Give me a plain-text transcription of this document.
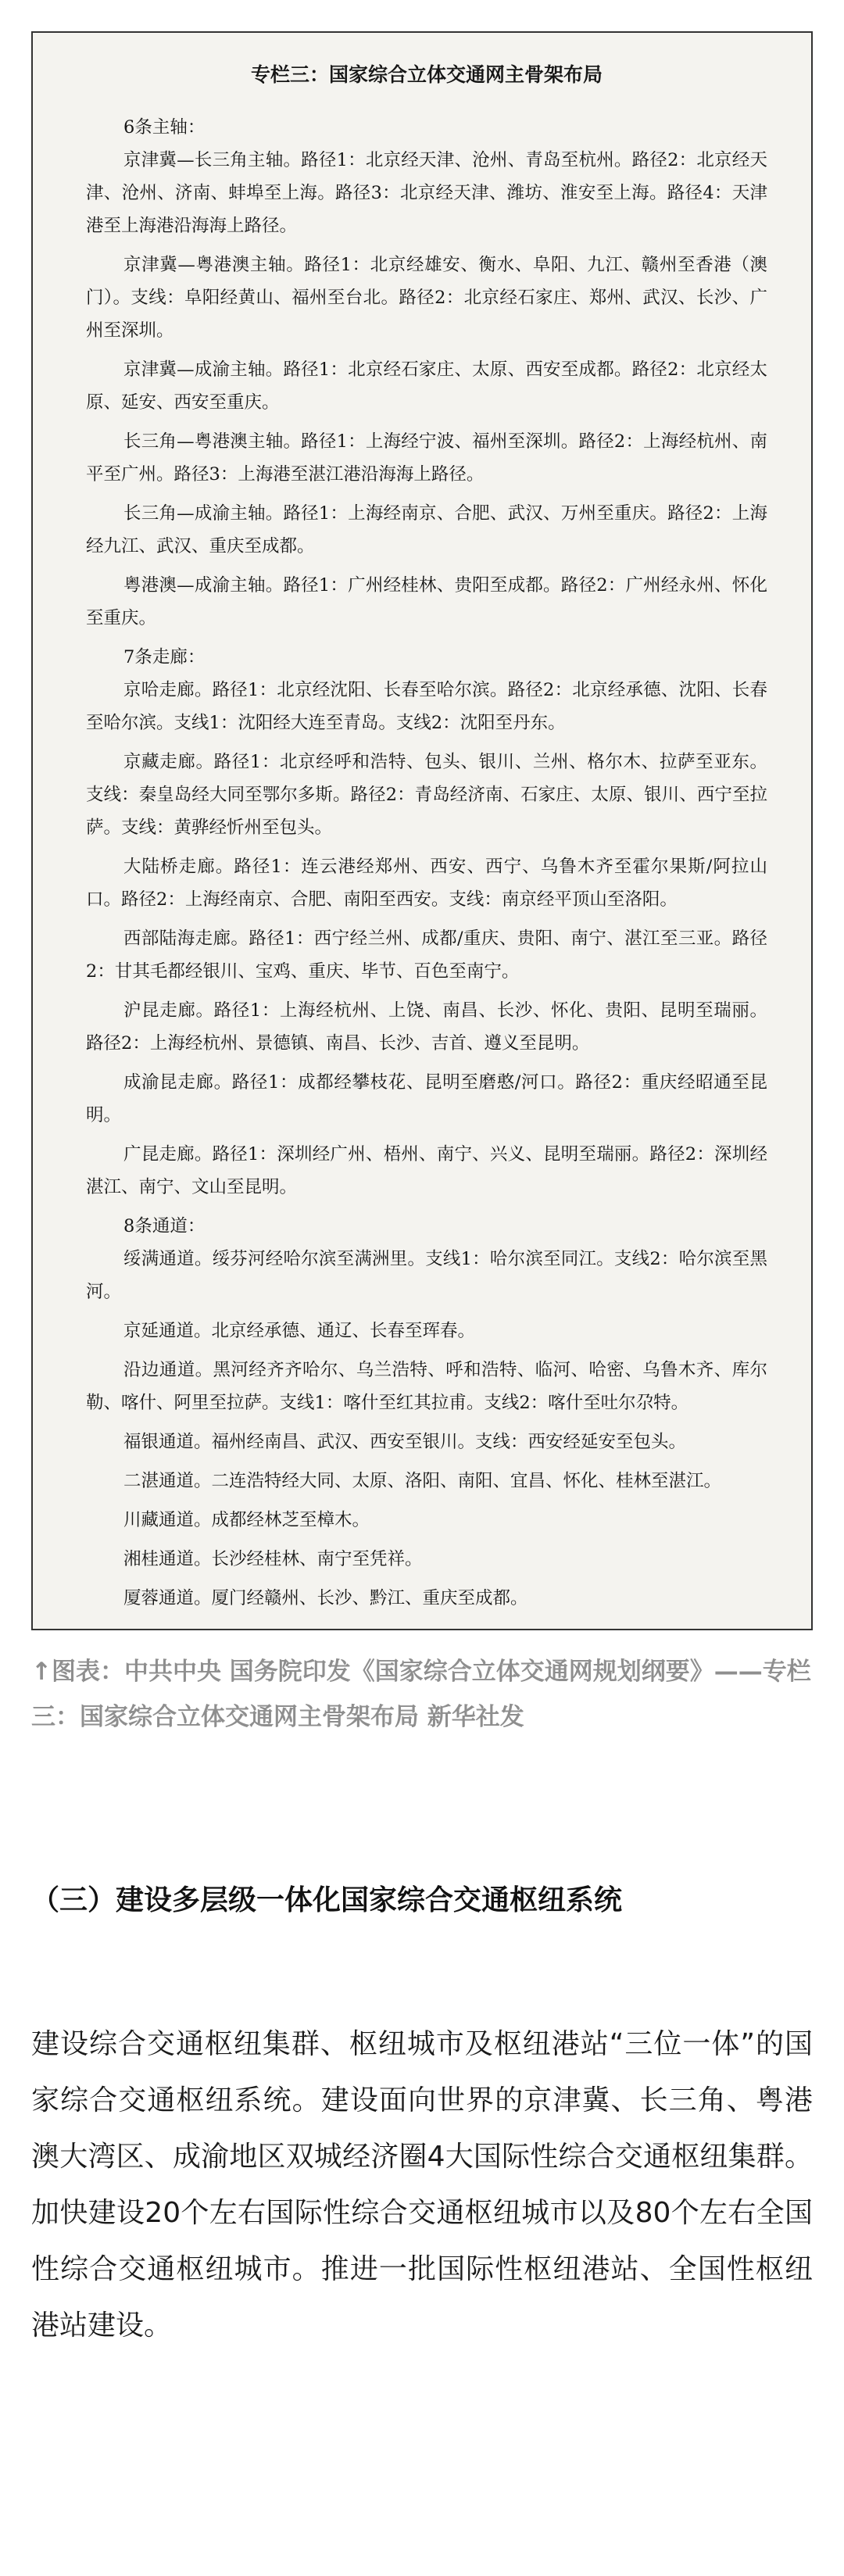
专栏三：国家综合立体交通网主骨架布局

6条主轴：

京津冀—长三角主轴。路径1：北京经天津、沧州、青岛至杭州。路径2：北京经天津、沧州、济南、蚌埠至上海。路径3：北京经天津、潍坊、淮安至上海。路径4：天津港至上海港沿海海上路径。

京津冀—粤港澳主轴。路径1：北京经雄安、衡水、阜阳、九江、赣州至香港（澳门）。支线：阜阳经黄山、福州至台北。路径2：北京经石家庄、郑州、武汉、长沙、广州至深圳。

京津冀—成渝主轴。路径1：北京经石家庄、太原、西安至成都。路径2：北京经太原、延安、西安至重庆。

长三角—粤港澳主轴。路径1：上海经宁波、福州至深圳。路径2：上海经杭州、南平至广州。路径3：上海港至湛江港沿海海上路径。

长三角—成渝主轴。路径1：上海经南京、合肥、武汉、万州至重庆。路径2：上海经九江、武汉、重庆至成都。

粤港澳—成渝主轴。路径1：广州经桂林、贵阳至成都。路径2：广州经永州、怀化至重庆。

7条走廊：

京哈走廊。路径1：北京经沈阳、长春至哈尔滨。路径2：北京经承德、沈阳、长春至哈尔滨。支线1：沈阳经大连至青岛。支线2：沈阳至丹东。

京藏走廊。路径1：北京经呼和浩特、包头、银川、兰州、格尔木、拉萨至亚东。支线：秦皇岛经大同至鄂尔多斯。路径2：青岛经济南、石家庄、太原、银川、西宁至拉萨。支线：黄骅经忻州至包头。

大陆桥走廊。路径1：连云港经郑州、西安、西宁、乌鲁木齐至霍尔果斯/阿拉山口。路径2：上海经南京、合肥、南阳至西安。支线：南京经平顶山至洛阳。

西部陆海走廊。路径1：西宁经兰州、成都/重庆、贵阳、南宁、湛江至三亚。路径2：甘其毛都经银川、宝鸡、重庆、毕节、百色至南宁。

沪昆走廊。路径1：上海经杭州、上饶、南昌、长沙、怀化、贵阳、昆明至瑞丽。路径2：上海经杭州、景德镇、南昌、长沙、吉首、遵义至昆明。

成渝昆走廊。路径1：成都经攀枝花、昆明至磨憨/河口。路径2：重庆经昭通至昆明。

广昆走廊。路径1：深圳经广州、梧州、南宁、兴义、昆明至瑞丽。路径2：深圳经湛江、南宁、文山至昆明。

8条通道：

绥满通道。绥芬河经哈尔滨至满洲里。支线1：哈尔滨至同江。支线2：哈尔滨至黑河。

京延通道。北京经承德、通辽、长春至珲春。

沿边通道。黑河经齐齐哈尔、乌兰浩特、呼和浩特、临河、哈密、乌鲁木齐、库尔勒、喀什、阿里至拉萨。支线1：喀什至红其拉甫。支线2：喀什至吐尔尕特。

福银通道。福州经南昌、武汉、西安至银川。支线：西安经延安至包头。

二湛通道。二连浩特经大同、太原、洛阳、南阳、宜昌、怀化、桂林至湛江。

川藏通道。成都经林芝至樟木。

湘桂通道。长沙经桂林、南宁至凭祥。

厦蓉通道。厦门经赣州、长沙、黔江、重庆至成都。

↑图表：中共中央 国务院印发《国家综合立体交通网规划纲要》——专栏三：国家综合立体交通网主骨架布局 新华社发

（三）建设多层级一体化国家综合交通枢纽系统

建设综合交通枢纽集群、枢纽城市及枢纽港站“三位一体”的国家综合交通枢纽系统。建设面向世界的京津冀、长三角、粤港澳大湾区、成渝地区双城经济圈4大国际性综合交通枢纽集群。加快建设20个左右国际性综合交通枢纽城市以及80个左右全国性综合交通枢纽城市。推进一批国际性枢纽港站、全国性枢纽港站建设。
